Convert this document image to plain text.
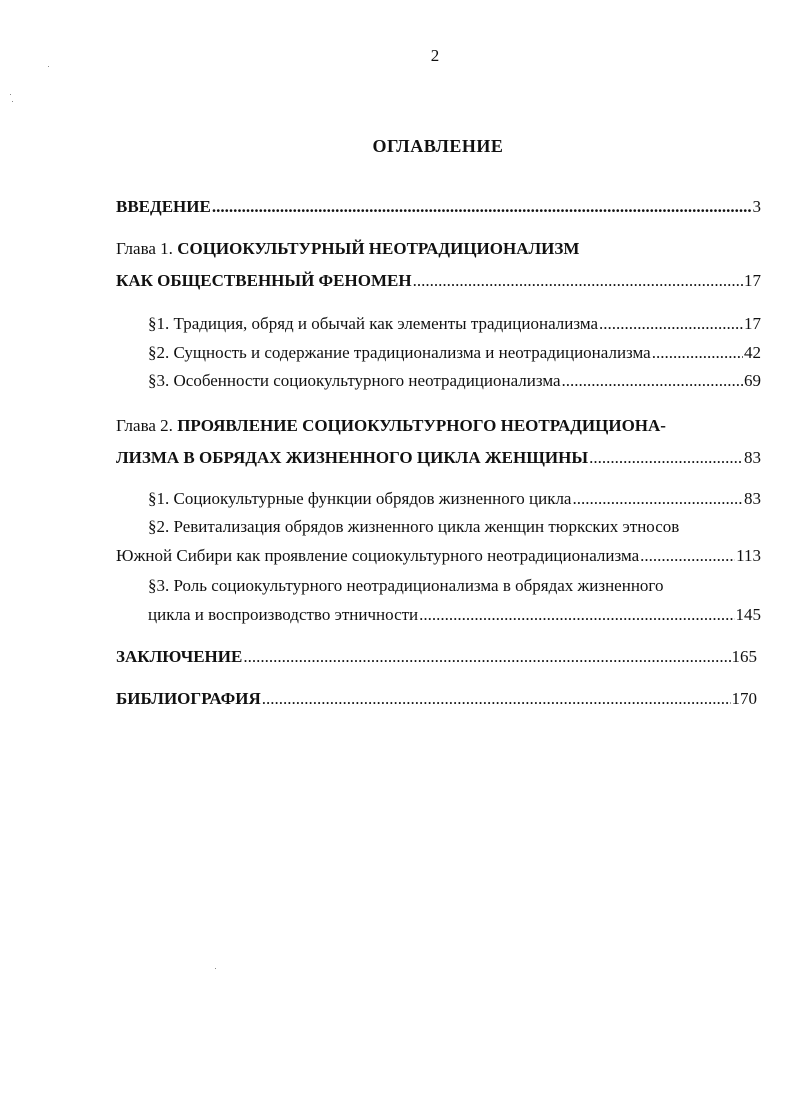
2
ОГЛАВЛЕНИЕ
ВВЕДЕНИЕ .....	3
Глава 1. СОЦИОКУЛЬТУРНЫЙ НЕОТРАДИЦИОНАЛИЗМ
КАК ОБЩЕСТВЕННЫЙ ФЕНОМЕН .....	17
§1. Традиция, обряд и обычай как элементы традиционализма .....	17
§2. Сущность и содержание традиционализма и неотрадиционализма .....	42
§3. Особенности социокультурного неотрадиционализма .....	69
Глава 2. ПРОЯВЛЕНИЕ СОЦИОКУЛЬТУРНОГО НЕОТРАДИЦИОНА-
ЛИЗМА В ОБРЯДАХ ЖИЗНЕННОГО ЦИКЛА ЖЕНЩИНЫ .....	83
§1. Социокультурные функции обрядов жизненного цикла .....	83
§2. Ревитализация обрядов жизненного цикла женщин тюркских этносов
Южной Сибири как проявление социокультурного неотрадиционализма .....	113
§3. Роль социокультурного неотрадиционализма в обрядах жизненного
цикла и воспроизводство этничности .....	145
ЗАКЛЮЧЕНИЕ .....	165
БИБЛИОГРАФИЯ .....	170
